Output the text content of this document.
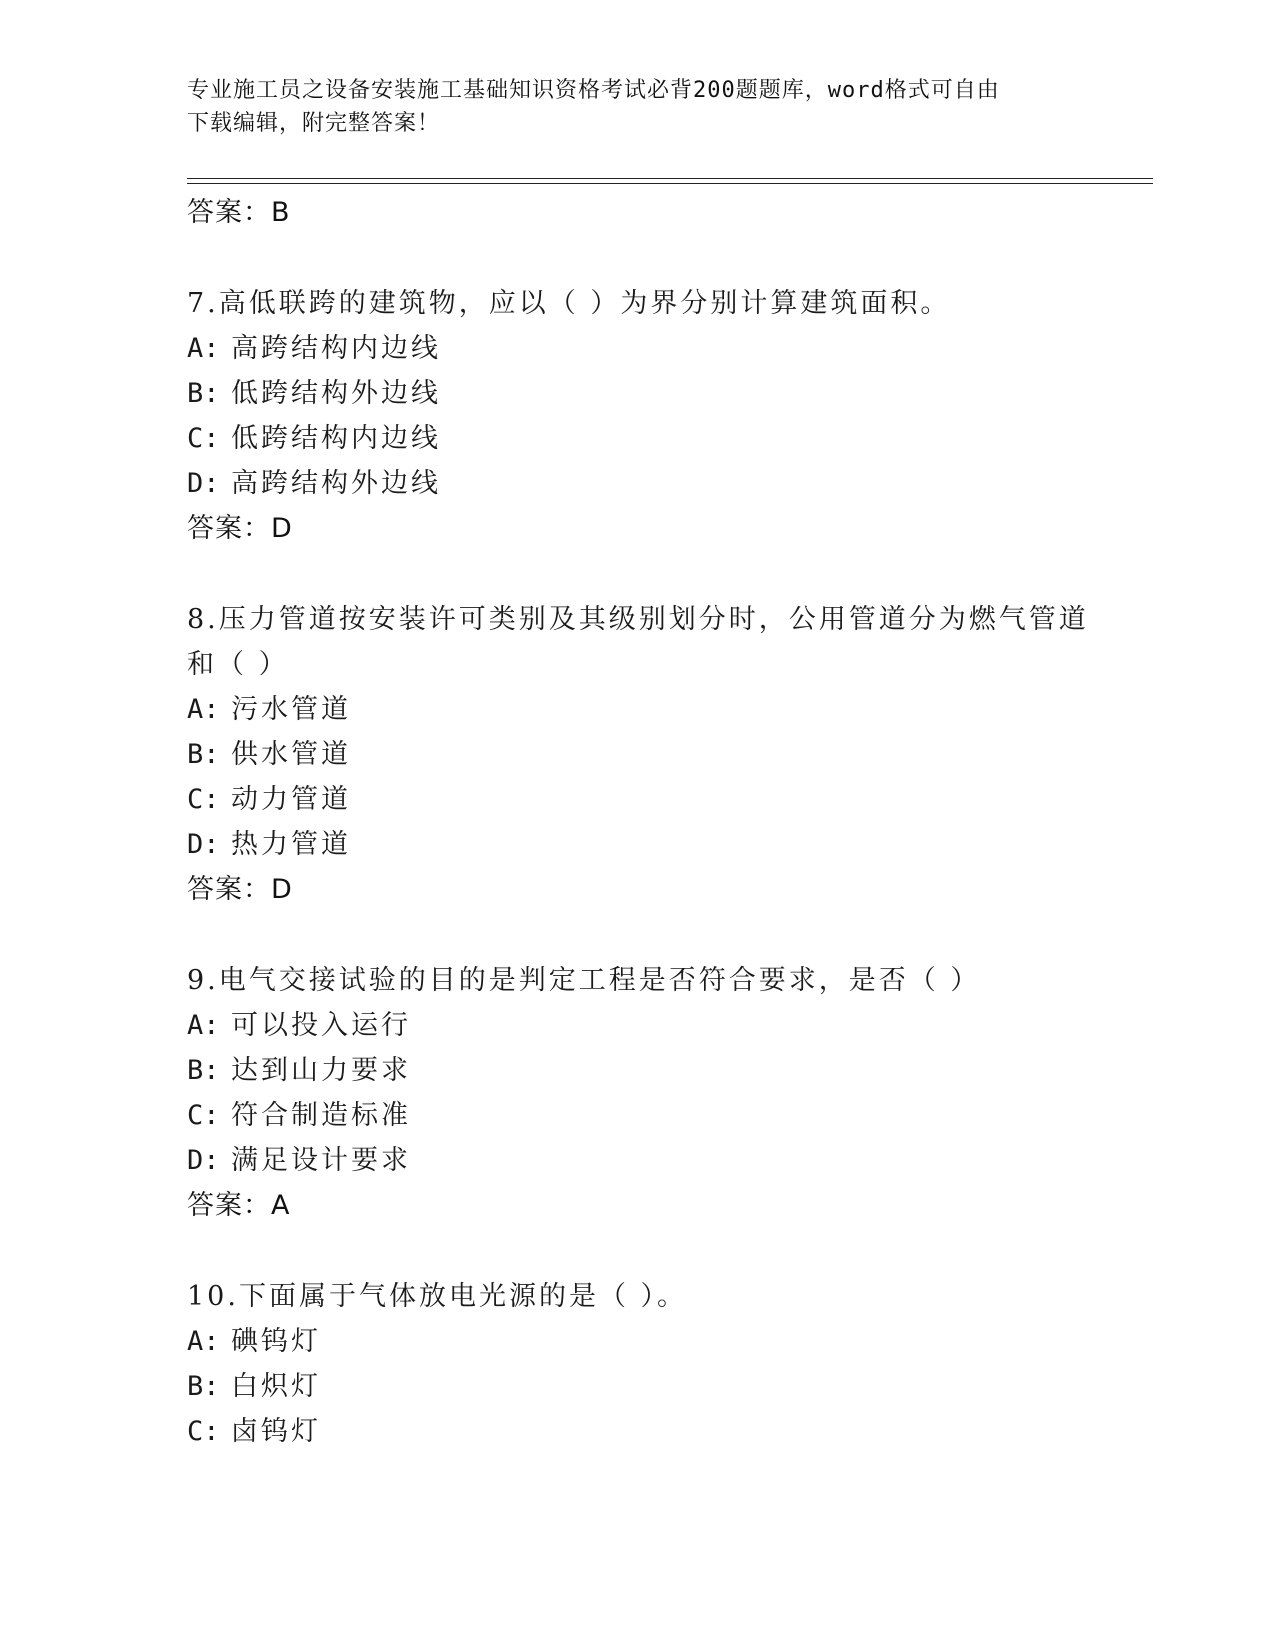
专业施工员之设备安装施工基础知识资格考试必背200题题库，word格式可自由
下载编辑，附完整答案！
答案：B
7.高低联跨的建筑物，应以（ ）为界分别计算建筑面积。
A: 高跨结构内边线
B: 低跨结构外边线
C: 低跨结构内边线
D: 高跨结构外边线
答案：D
8.压力管道按安装许可类别及其级别划分时，公用管道分为燃气管道
和（ ）
A: 污水管道
B: 供水管道
C: 动力管道
D: 热力管道
答案：D
9.电气交接试验的目的是判定工程是否符合要求，是否（ ）
A: 可以投入运行
B: 达到山力要求
C: 符合制造标准
D: 满足设计要求
答案：A
10.下面属于气体放电光源的是（ ）。
A: 碘钨灯
B: 白炽灯
C: 卤钨灯
